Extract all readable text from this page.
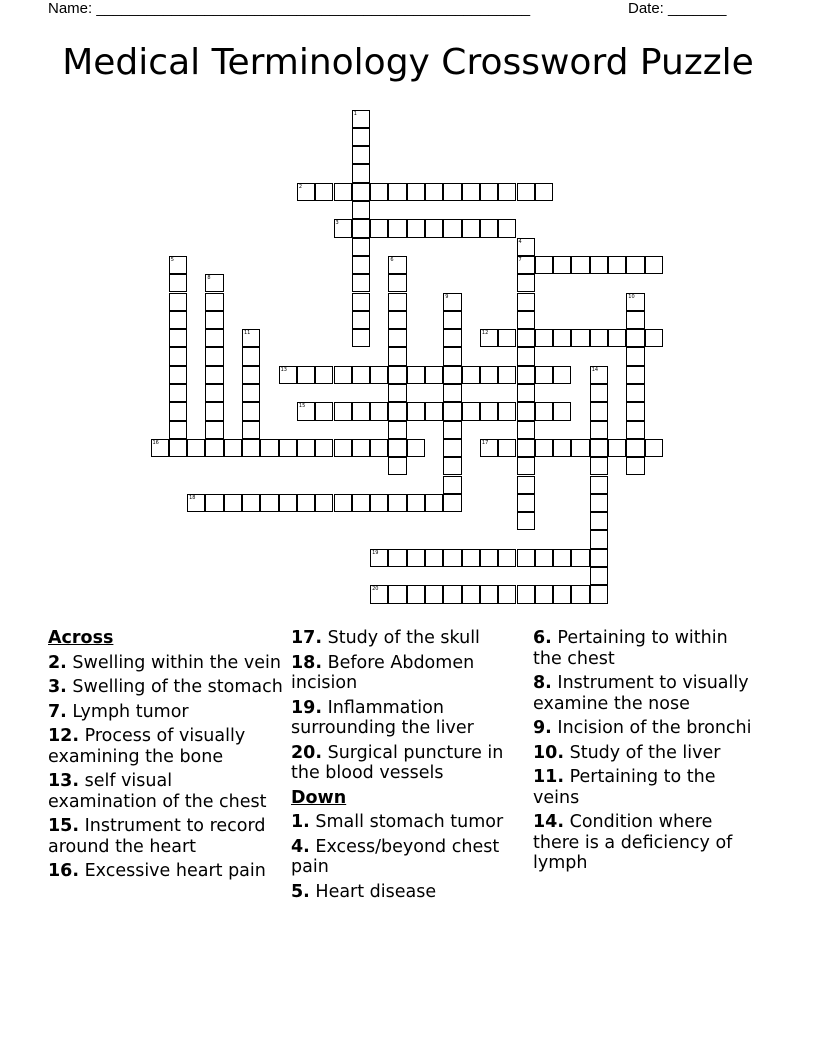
Name: ____________________________________________________	Date: _______
Medical Terminology Crossword Puzzle
1
2
3
4
7
5	6
8
9	10
11	12
13	14
15
16	17
18
19
20
Across
2. Swelling within the vein
3. Swelling of the stomach
7. Lymph tumor
12. Process of visually examining the bone
13. self visual examination of the chest
15. Instrument to record around the heart
16. Excessive heart pain
17. Study of the skull
18. Before Abdomen incision
19. Inflammation surrounding the liver
20. Surgical puncture in the blood vessels
Down
1. Small stomach tumor
4. Excess/beyond chest pain
5. Heart disease
6. Pertaining to within the chest
8. Instrument to visually examine the nose
9. Incision of the bronchi
10. Study of the liver
11. Pertaining to the veins
14. Condition where there is a deficiency of lymph
